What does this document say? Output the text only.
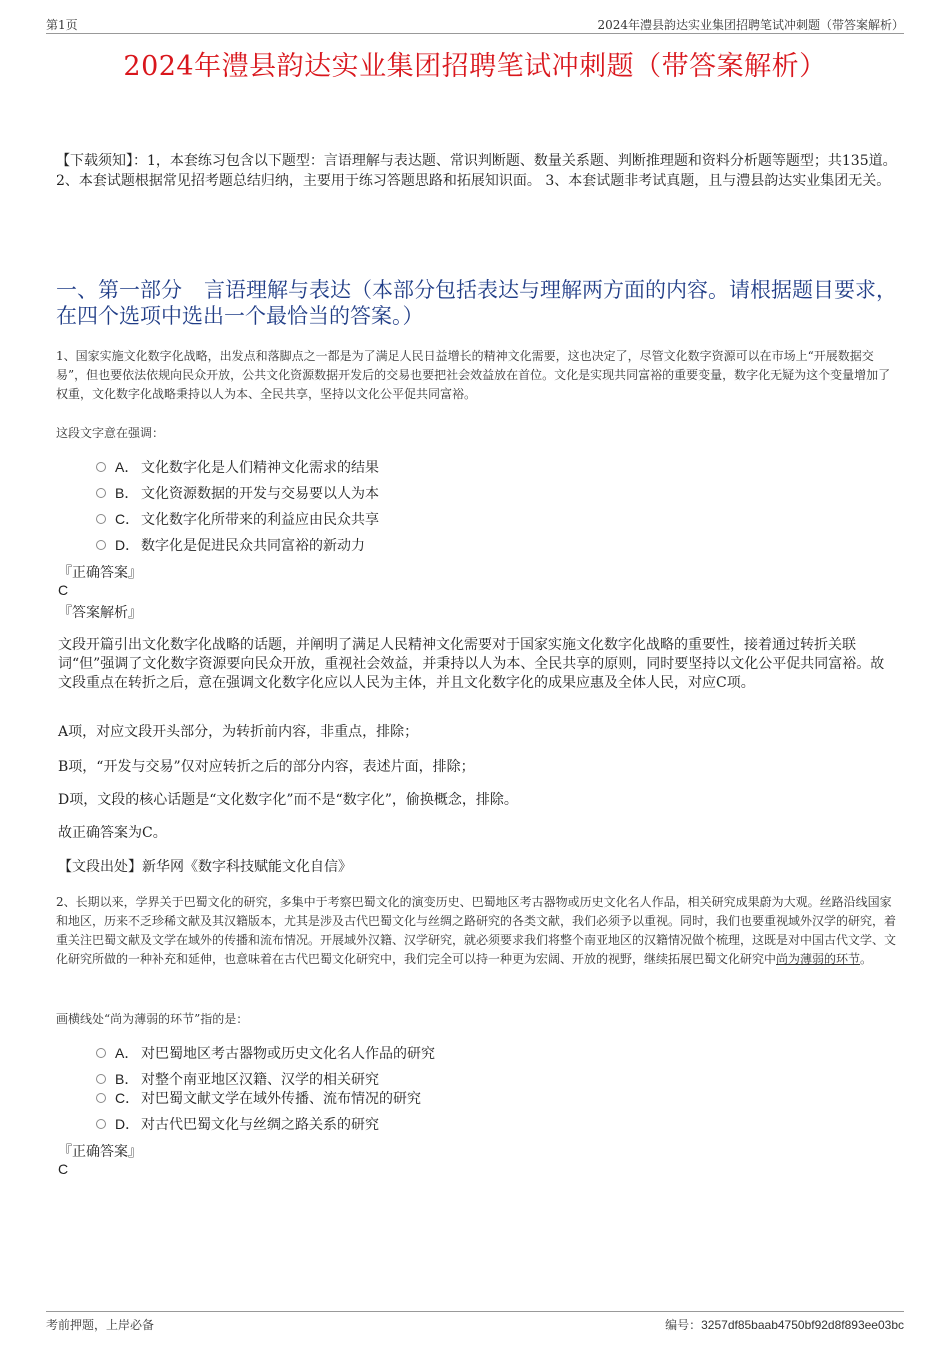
第1页	2024年澧县韵达实业集团招聘笔试冲刺题（带答案解析）
2024年澧县韵达实业集团招聘笔试冲刺题（带答案解析）
【下载须知】：1，本套练习包含以下题型：言语理解与表达题、常识判断题、数量关系题、判断推理题和资料分析题等题型；共135道。 2、本套试题根据常见招考题总结归纳，主要用于练习答题思路和拓展知识面。 3、本套试题非考试真题，且与澧县韵达实业集团无关。
一、第一部分 言语理解与表达（本部分包括表达与理解两方面的内容。请根据题目要求，在四个选项中选出一个最恰当的答案。）
1、国家实施文化数字化战略，出发点和落脚点之一都是为了满足人民日益增长的精神文化需要，这也决定了，尽管文化数字资源可以在市场上“开展数据交易”，但也要依法依规向民众开放，公共文化资源数据开发后的交易也要把社会效益放在首位。文化是实现共同富裕的重要变量，数字化无疑为这个变量增加了权重，文化数字化战略秉持以人为本、全民共享，坚持以文化公平促共同富裕。
这段文字意在强调：
A． 文化数字化是人们精神文化需求的结果
B． 文化资源数据的开发与交易要以人为本
C． 文化数字化所带来的利益应由民众共享
D． 数字化是促进民众共同富裕的新动力
『正确答案』
C
『答案解析』
文段开篇引出文化数字化战略的话题，并阐明了满足人民精神文化需要对于国家实施文化数字化战略的重要性，接着通过转折关联词“但”强调了文化数字资源要向民众开放，重视社会效益，并秉持以人为本、全民共享的原则，同时要坚持以文化公平促共同富裕。故文段重点在转折之后，意在强调文化数字化应以人民为主体，并且文化数字化的成果应惠及全体人民，对应C项。
A项，对应文段开头部分，为转折前内容，非重点，排除；
B项，“开发与交易”仅对应转折之后的部分内容，表述片面，排除；
D项，文段的核心话题是“文化数字化”而不是“数字化”，偷换概念，排除。
故正确答案为C。
【文段出处】新华网《数字科技赋能文化自信》
2、长期以来，学界关于巴蜀文化的研究，多集中于考察巴蜀文化的演变历史、巴蜀地区考古器物或历史文化名人作品，相关研究成果蔚为大观。丝路沿线国家和地区，历来不乏珍稀文献及其汉籍版本，尤其是涉及古代巴蜀文化与丝绸之路研究的各类文献，我们必须予以重视。同时，我们也要重视域外汉学的研究，着重关注巴蜀文献及文学在域外的传播和流布情况。开展域外汉籍、汉学研究，就必须要求我们将整个南亚地区的汉籍情况做个梳理，这既是对中国古代文学、文化研究所做的一种补充和延伸，也意味着在古代巴蜀文化研究中，我们完全可以持一种更为宏阔、开放的视野，继续拓展巴蜀文化研究中尚为薄弱的环节。
画横线处“尚为薄弱的环节”指的是：
A． 对巴蜀地区考古器物或历史文化名人作品的研究
B． 对整个南亚地区汉籍、汉学的相关研究
C． 对巴蜀文献文学在域外传播、流布情况的研究
D． 对古代巴蜀文化与丝绸之路关系的研究
『正确答案』
C
考前押题，上岸必备	编号：3257df85baab4750bf92d8f893ee03bc
